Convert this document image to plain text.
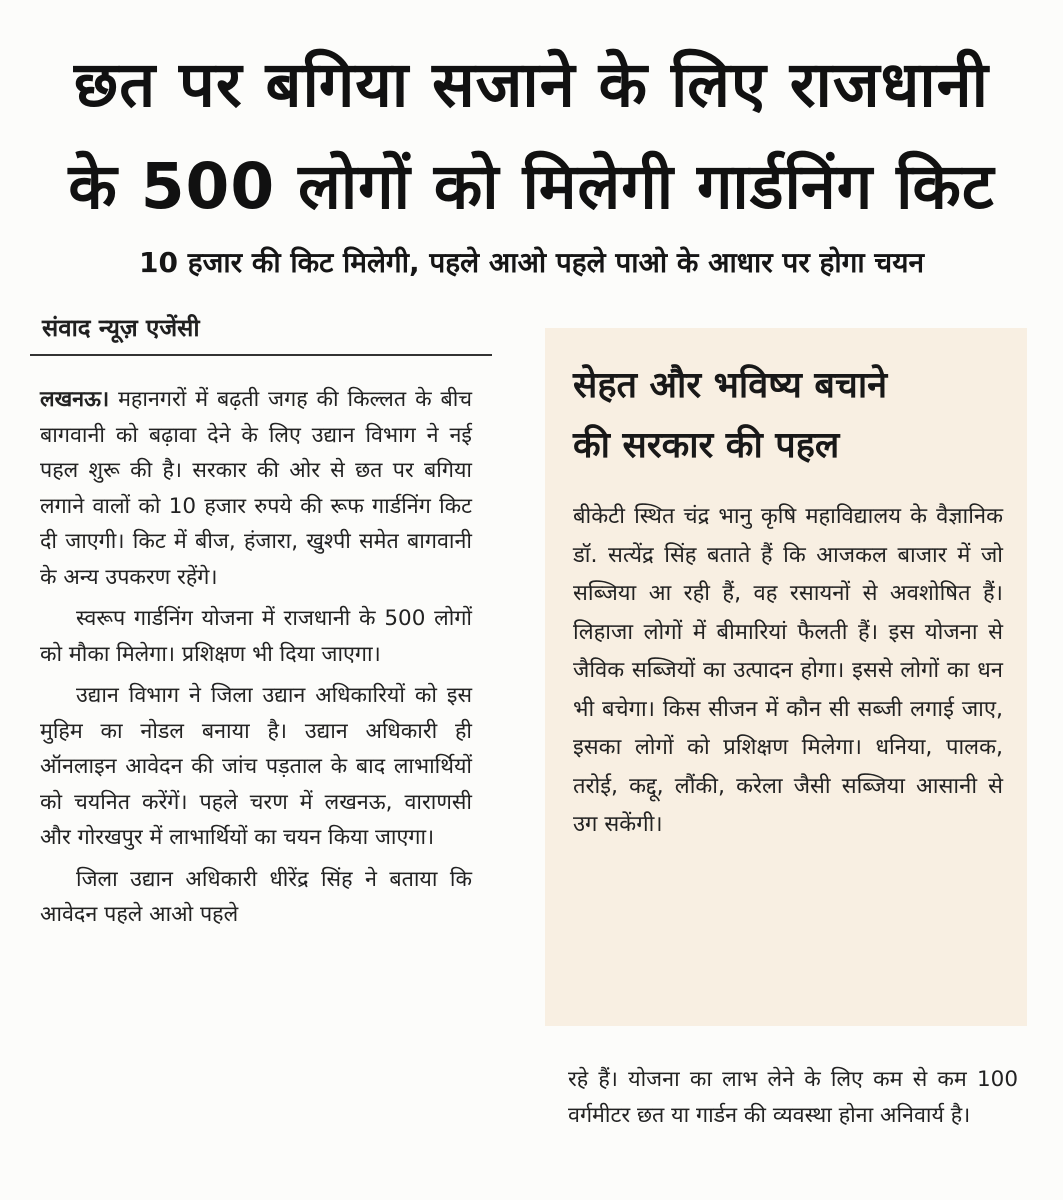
छत पर बगिया सजाने के लिए राजधानी
के 500 लोगों को मिलेगी गार्डनिंग किट
10 हजार की किट मिलेगी, पहले आओ पहले पाओ के आधार पर होगा चयन
संवाद न्यूज़ एजेंसी

लखनऊ। महानगरों में बढ़ती जगह की किल्लत के बीच बागवानी को बढ़ावा देने के लिए उद्यान विभाग ने नई पहल शुरू की है। सरकार की ओर से छत पर बगिया लगाने वालों को 10 हजार रुपये की रूफ गार्डनिंग किट दी जाएगी। किट में बीज, हंजारा, खुश्पी समेत बागवानी के अन्य उपकरण रहेंगे।

स्वरूप गार्डनिंग योजना में राजधानी के 500 लोगों को मौका मिलेगा। प्रशिक्षण भी दिया जाएगा।

उद्यान विभाग ने जिला उद्यान अधिकारियों को इस मुहिम का नोडल बनाया है। उद्यान अधिकारी ही ऑनलाइन आवेदन की जांच पड़ताल के बाद लाभार्थियों को चयनित करेंगें। पहले चरण में लखनऊ, वाराणसी और गोरखपुर में लाभार्थियों का चयन किया जाएगा।

जिला उद्यान अधिकारी धीरेंद्र सिंह ने बताया कि आवेदन पहले आओ पहले

सेहत और भविष्य बचाने
की सरकार की पहल

बीकेटी स्थित चंद्र भानु कृषि महाविद्यालय के वैज्ञानिक डॉ. सत्येंद्र सिंह बताते हैं कि आजकल बाजार में जो सब्जिया आ रही हैं, वह रसायनों से अवशोषित हैं। लिहाजा लोगों में बीमारियां फैलती हैं। इस योजना से जैविक सब्जियों का उत्पादन होगा। इससे लोगों का धन भी बचेगा। किस सीजन में कौन सी सब्जी लगाई जाए, इसका लोगों को प्रशिक्षण मिलेगा। धनिया, पालक, तरोई, कद्दू, लौंकी, करेला जैसी सब्जिया आसानी से उग सकेंगी।

रहे हैं। योजना का लाभ लेने के लिए कम से कम 100 वर्गमीटर छत या गार्डन की व्यवस्था होना अनिवार्य है।
